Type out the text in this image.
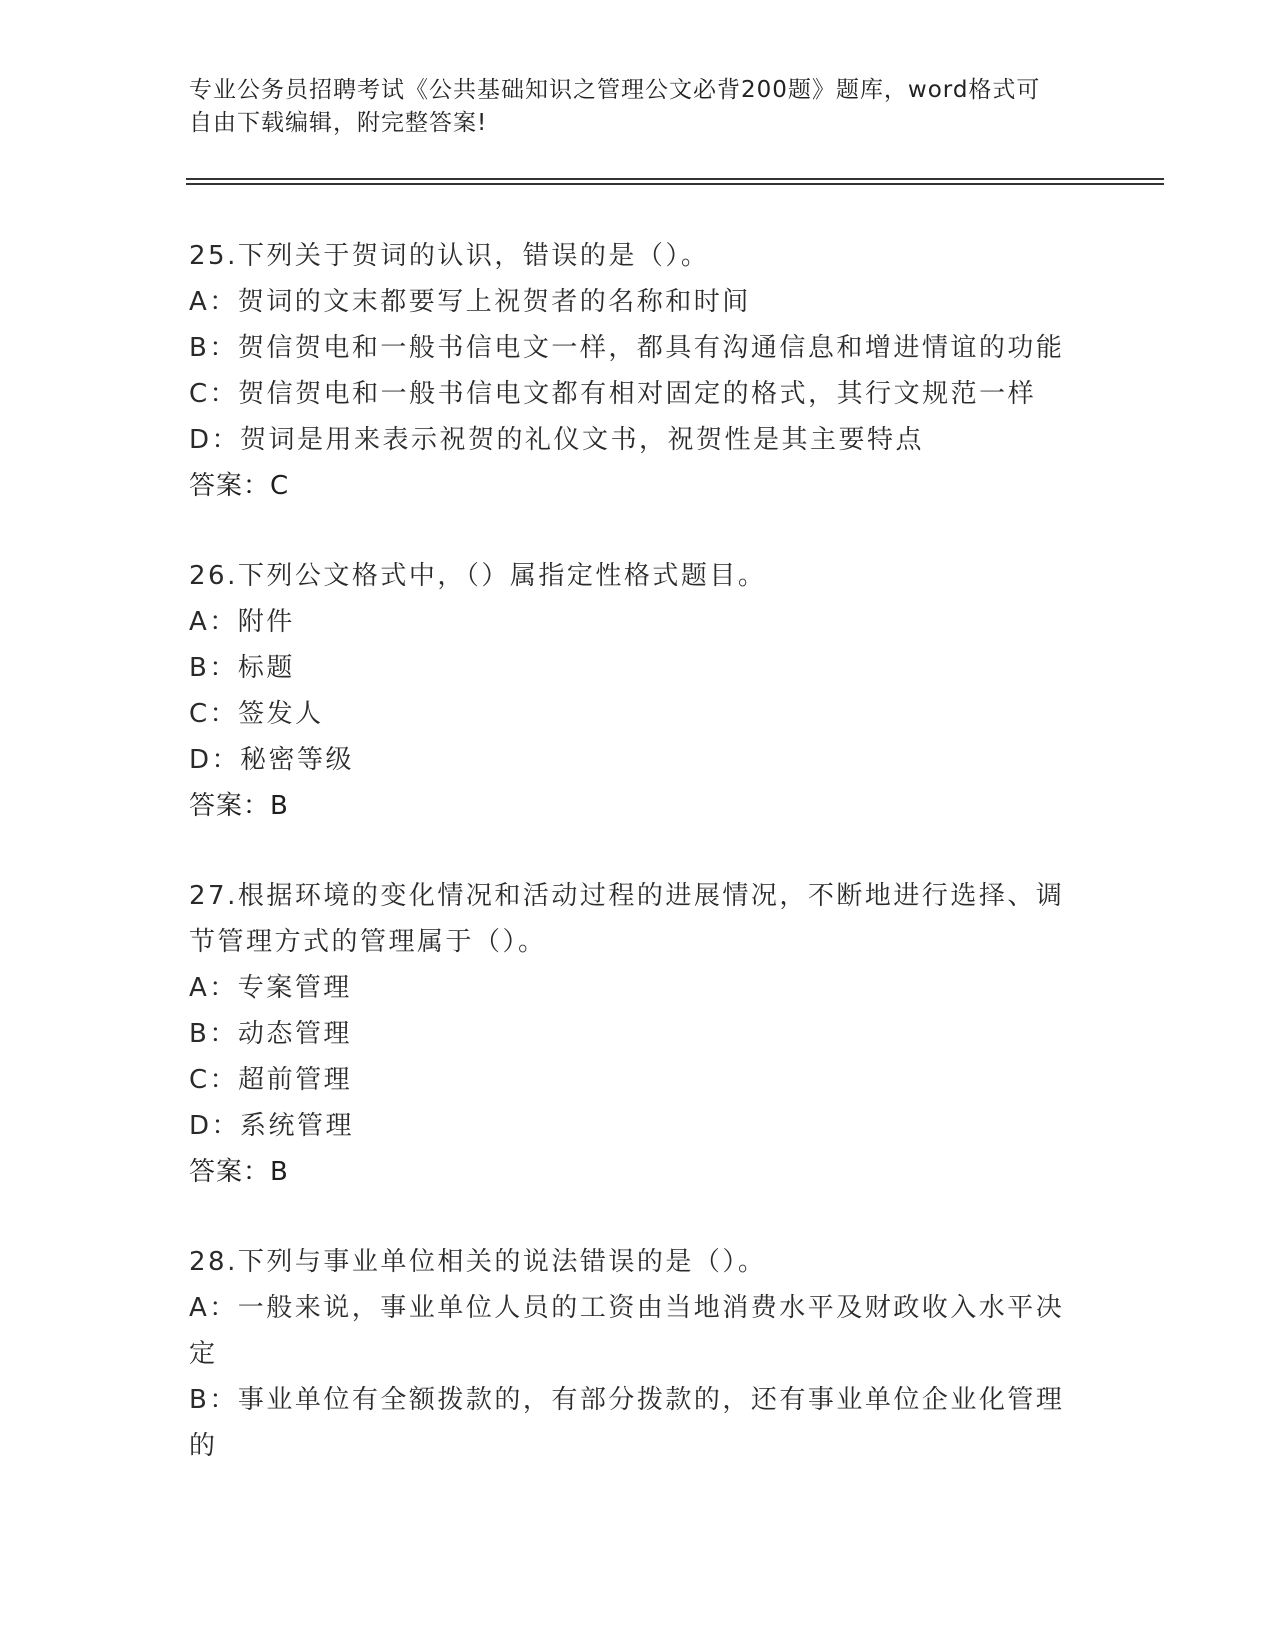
专业公务员招聘考试《公共基础知识之管理公文必背200题》题库，word格式可
自由下载编辑，附完整答案!
25.下列关于贺词的认识，错误的是（）。
A：贺词的文末都要写上祝贺者的名称和时间
B：贺信贺电和一般书信电文一样，都具有沟通信息和增进情谊的功能
C：贺信贺电和一般书信电文都有相对固定的格式，其行文规范一样
D：贺词是用来表示祝贺的礼仪文书，祝贺性是其主要特点
答案：C
26.下列公文格式中，（）属指定性格式题目。
A：附件
B：标题
C：签发人
D：秘密等级
答案：B
27.根据环境的变化情况和活动过程的进展情况，不断地进行选择、调节管理方式的管理属于（）。
A：专案管理
B：动态管理
C：超前管理
D：系统管理
答案：B
28.下列与事业单位相关的说法错误的是（）。
A：一般来说，事业单位人员的工资由当地消费水平及财政收入水平决定
B：事业单位有全额拨款的，有部分拨款的，还有事业单位企业化管理的
